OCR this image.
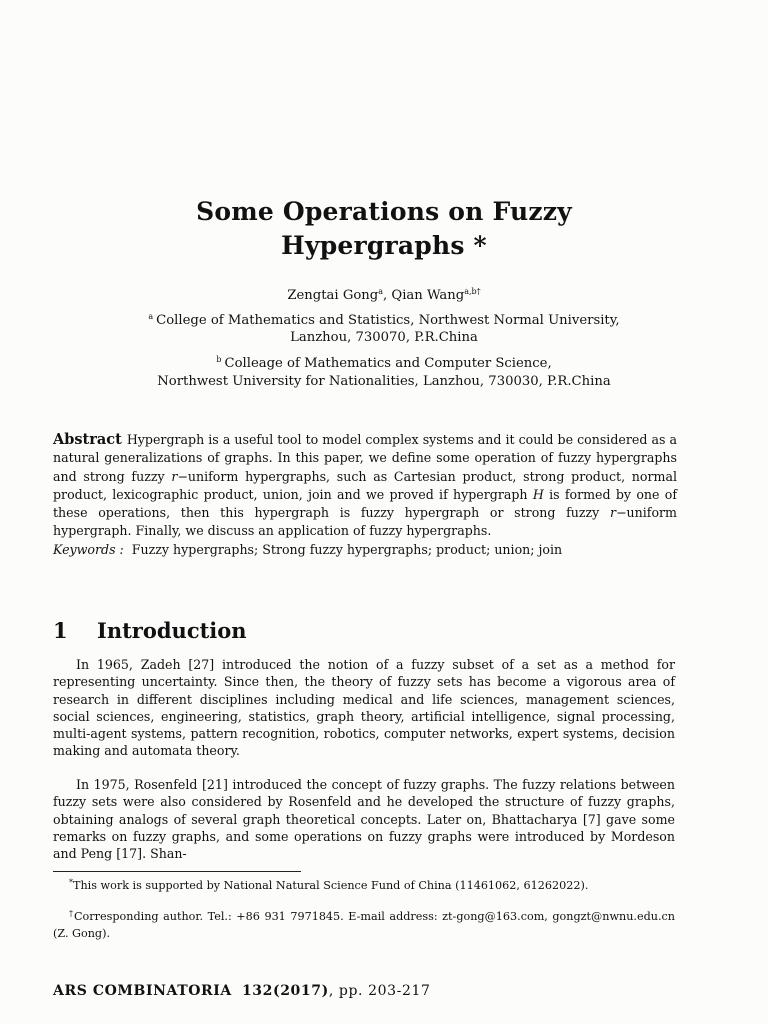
Some Operations on Fuzzy
Hypergraphs *
Zengtai Gong$^a$, Qian Wang$^{a,b\dagger}$
$^a$ College of Mathematics and Statistics, Northwest Normal University,
Lanzhou, 730070, P.R.China
$^b$ Colleage of Mathematics and Computer Science,
Northwest University for Nationalities, Lanzhou, 730030, P.R.China
Abstract Hypergraph is a useful tool to model complex systems and it could be considered as a natural generalizations of graphs. In this paper, we define some operation of fuzzy hypergraphs and strong fuzzy r−uniform hypergraphs, such as Cartesian product, strong product, normal product, lexicographic product, union, join and we proved if hypergraph H is formed by one of these operations, then this hypergraph is fuzzy hypergraph or strong fuzzy r−uniform hypergraph. Finally, we discuss an application of fuzzy hypergraphs.
Keywords : Fuzzy hypergraphs; Strong fuzzy hypergraphs; product; union; join
1 Introduction

In 1965, Zadeh [27] introduced the notion of a fuzzy subset of a set as a method for representing uncertainty. Since then, the theory of fuzzy sets has become a vigorous area of research in different disciplines including medical and life sciences, management sciences, social sciences, engineering, statistics, graph theory, artificial intelligence, signal processing, multi-agent systems, pattern recognition, robotics, computer networks, expert systems, decision making and automata theory.

In 1975, Rosenfeld [21] introduced the concept of fuzzy graphs. The fuzzy relations between fuzzy sets were also considered by Rosenfeld and he developed the structure of fuzzy graphs, obtaining analogs of several graph theoretical concepts. Later on, Bhattacharya [7] gave some remarks on fuzzy graphs, and some operations on fuzzy graphs were introduced by Mordeson and Peng [17]. Shan-

*This work is supported by National Natural Science Fund of China (11461062, 61262022).

†Corresponding author. Tel.: +86 931 7971845. E-mail address: zt-gong@163.com, gongzt@nwnu.edu.cn (Z. Gong).

ARS COMBINATORIA 132(2017), pp. 203-217
